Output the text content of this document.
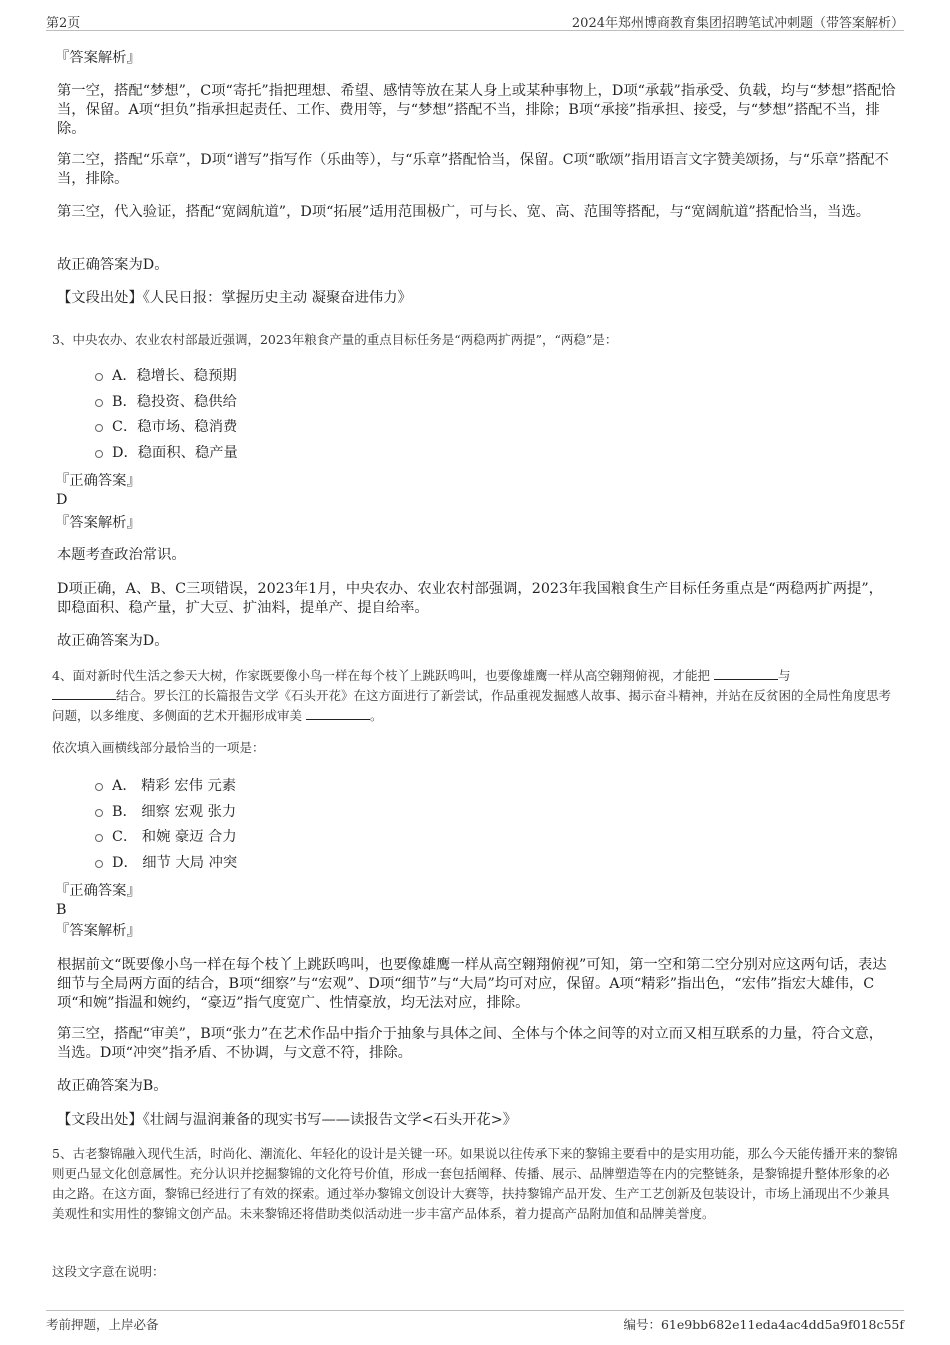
第2页	2024年郑州博商教育集团招聘笔试冲刺题（带答案解析）
『答案解析』

第一空，搭配“梦想”，C项“寄托”指把理想、希望、感情等放在某人身上或某种事物上，D项“承载”指承受、负载，均与“梦想”搭配恰当，保留。A项“担负”指承担起责任、工作、费用等，与“梦想”搭配不当，排除；B项“承接”指承担、接受，与“梦想”搭配不当，排除。

第二空，搭配“乐章”，D项“谱写”指写作（乐曲等），与“乐章”搭配恰当，保留。C项“歌颂”指用语言文字赞美颂扬，与“乐章”搭配不当，排除。

第三空，代入验证，搭配“宽阔航道”，D项“拓展”适用范围极广，可与长、宽、高、范围等搭配，与“宽阔航道”搭配恰当，当选。

故正确答案为D。

【文段出处】《人民日报：掌握历史主动 凝聚奋进伟力》

3、中央农办、农业农村部最近强调，2023年粮食产量的重点目标任务是“两稳两扩两提”，“两稳”是：

A．稳增长、稳预期
B．稳投资、稳供给
C．稳市场、稳消费
D．稳面积、稳产量
『正确答案』
D
『答案解析』

本题考查政治常识。

D项正确，A、B、C三项错误，2023年1月，中央农办、农业农村部强调，2023年我国粮食生产目标任务重点是“两稳两扩两提”，即稳面积、稳产量，扩大豆、扩油料，提单产、提自给率。

故正确答案为D。

4、面对新时代生活之参天大树，作家既要像小鸟一样在每个枝丫上跳跃鸣叫，也要像雄鹰一样从高空翱翔俯视，才能把	与
结合。罗长江的长篇报告文学《石头开花》在这方面进行了新尝试，作品重视发掘感人故事、揭示奋斗精神，并站在反贫困的全局性角度思考问题，以多维度、多侧面的艺术开掘形成审美	。

依次填入画横线部分最恰当的一项是：

A． 精彩 宏伟 元素
B． 细察 宏观 张力
C． 和婉 豪迈 合力
D． 细节 大局 冲突
『正确答案』
B
『答案解析』

根据前文“既要像小鸟一样在每个枝丫上跳跃鸣叫，也要像雄鹰一样从高空翱翔俯视”可知，第一空和第二空分别对应这两句话，表达细节与全局两方面的结合，B项“细察”与“宏观”、D项“细节”与“大局”均可对应，保留。A项“精彩”指出色，“宏伟”指宏大雄伟，C项“和婉”指温和婉约，“豪迈”指气度宽广、性情豪放，均无法对应，排除。

第三空，搭配“审美”，B项“张力”在艺术作品中指介于抽象与具体之间、全体与个体之间等的对立而又相互联系的力量，符合文意，当选。D项“冲突”指矛盾、不协调，与文意不符，排除。

故正确答案为B。

【文段出处】《壮阔与温润兼备的现实书写——读报告文学<石头开花>》

5、古老黎锦融入现代生活，时尚化、潮流化、年轻化的设计是关键一环。如果说以往传承下来的黎锦主要看中的是实用功能，那么今天能传播开来的黎锦则更凸显文化创意属性。充分认识并挖掘黎锦的文化符号价值，形成一套包括阐释、传播、展示、品牌塑造等在内的完整链条，是黎锦提升整体形象的必由之路。在这方面，黎锦已经进行了有效的探索。通过举办黎锦文创设计大赛等，扶持黎锦产品开发、生产工艺创新及包装设计，市场上涌现出不少兼具美观性和实用性的黎锦文创产品。未来黎锦还将借助类似活动进一步丰富产品体系，着力提高产品附加值和品牌美誉度。

这段文字意在说明：

考前押题，上岸必备	编号：61e9bb682e11eda4ac4dd5a9f018c55f
